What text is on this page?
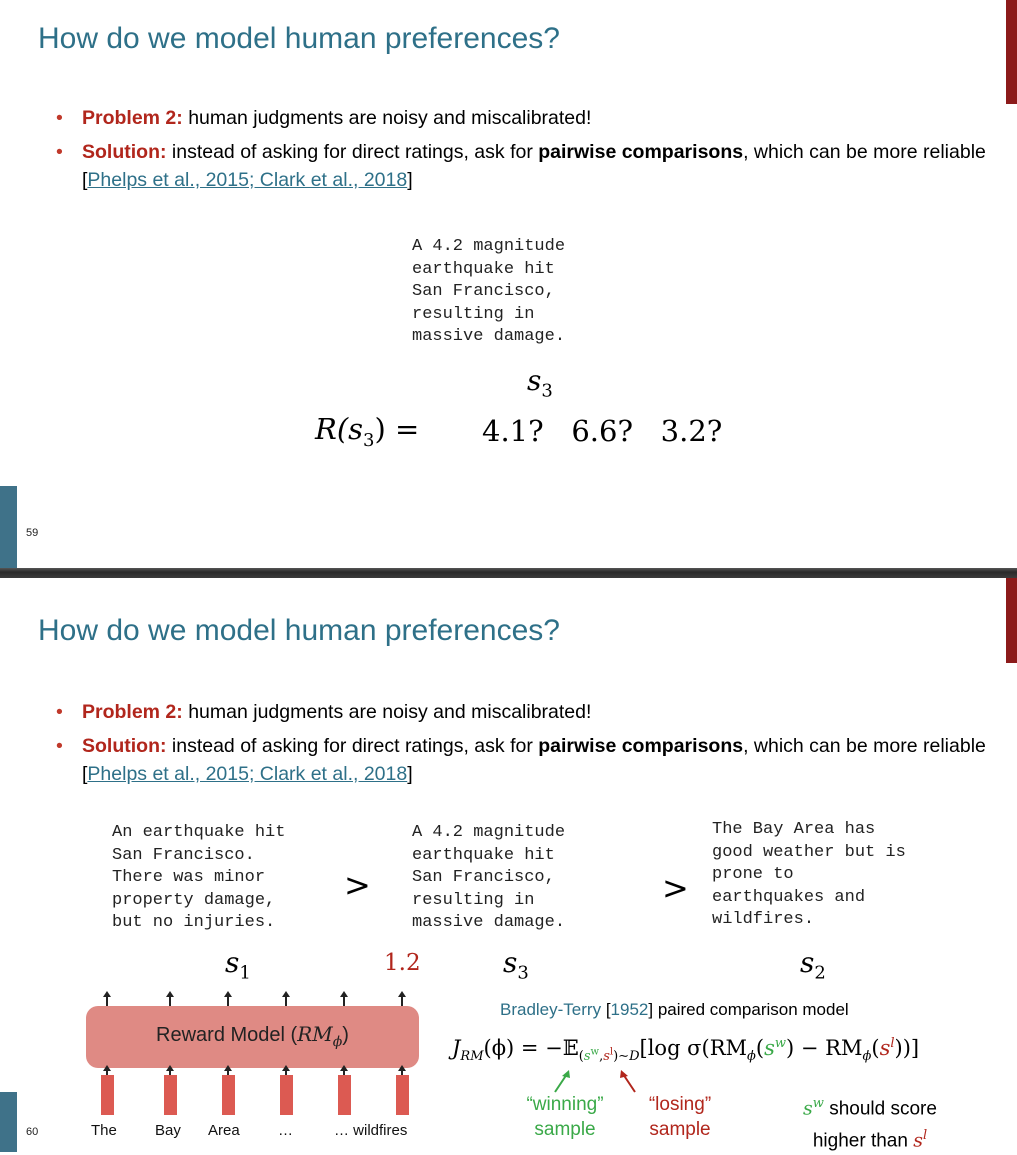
How do we model human preferences?
• Problem 2: human judgments are noisy and miscalibrated!
• Solution: instead of asking for direct ratings, ask for pairwise comparisons, which can be more reliable [Phelps et al., 2015; Clark et al., 2018]
A 4.2 magnitude
earthquake hit
San Francisco,
resulting in
massive damage.
$s_3$
$R(s_3) = 4.1$?   6.6?   3.2?
59
How do we model human preferences?
• Problem 2: human judgments are noisy and miscalibrated!
• Solution: instead of asking for direct ratings, ask for pairwise comparisons, which can be more reliable [Phelps et al., 2015; Clark et al., 2018]
An earthquake hit
San Francisco.
There was minor
property damage,
but no injuries.
A 4.2 magnitude
earthquake hit
San Francisco,
resulting in
massive damage.
The Bay Area has
good weather but is
prone to
earthquakes and
wildfires.
>	>
$s_1$	$s_3$	$s_2$
1.2
Reward Model $(RM_\phi)$
The	Bay Area	…	… wildfires
Bradley-Terry [1952] paired comparison model
$J_{RM}(\phi)$ = −𝔼$_{(s^w,s^l)\sim D}$[log $\sigma(RM_\phi(s^w) - RM_\phi(s^l))$]
“winning”
sample
“losing”
sample
$s^w$ should score
higher than $s^l$
60
